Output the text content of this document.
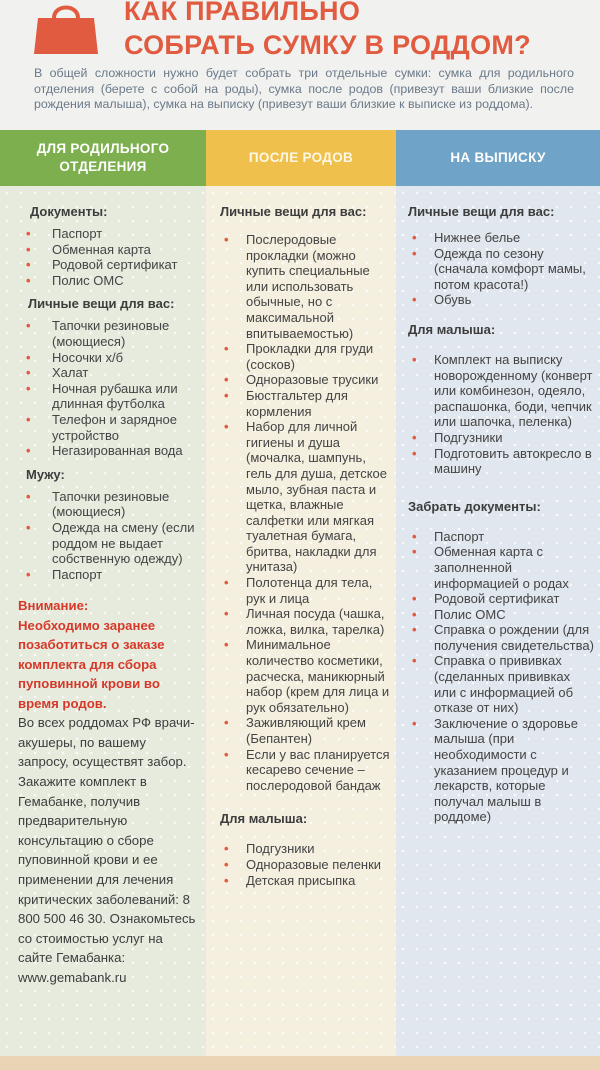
КАК ПРАВИЛЬНО
СОБРАТЬ СУМКУ В РОДДОМ?
В общей сложности нужно будет собрать три отдельные сумки: сумка для родильного отделения (берете с собой на роды), сумка после родов (привезут ваши близкие после рождения малыша), сумка на выписку (привезут ваши близкие к выписке из роддома).
ДЛЯ РОДИЛЬНОГО ОТДЕЛЕНИЯ
ПОСЛЕ РОДОВ	НА ВЫПИСКУ
Документы:
• Паспорт
• Обменная карта
• Родовой сертификат
• Полис ОМС
Личные вещи для вас:
• Тапочки резиновые (моющиеся)
• Носочки х/б
• Халат
• Ночная рубашка или длинная футболка
• Телефон и зарядное устройство
• Негазированная вода
Мужу:
• Тапочки резиновые (моющиеся)
• Одежда на смену (если роддом не выдает собственную одежду)
• Паспорт
Внимание:
Необходимо заранее позаботиться о заказе комплекта для сбора пуповинной крови во время родов.
Во всех роддомах РФ врачи-акушеры, по вашему запросу, осуществят забор. Закажите комплект в Гемабанке, получив предварительную консультацию о сборе пуповинной крови и ее применении для лечения критических заболеваний: 8 800 500 46 30. Ознакомьтесь со стоимостью услуг на сайте Гемабанка: www.gemabank.ru
Личные вещи для вас:
• Послеродовые прокладки (можно купить специальные или использовать обычные, но с максимальной впитываемостью)
• Прокладки для груди (сосков)
• Одноразовые трусики
• Бюстгальтер для кормления
• Набор для личной гигиены и душа (мочалка, шампунь, гель для душа, детское мыло, зубная паста и щетка, влажные салфетки или мягкая туалетная бумага, бритва, накладки для унитаза)
• Полотенца для тела, рук и лица
• Личная посуда (чашка, ложка, вилка, тарелка)
• Минимальное количество косметики, расческа, маникюрный набор (крем для лица и рук обязательно)
• Заживляющий крем (Бепантен)
• Если у вас планируется кесарево сечение – послеродовой бандаж
Для малыша:
• Подгузники
• Одноразовые пеленки
• Детская присыпка
Личные вещи для вас:
• Нижнее белье
• Одежда по сезону (сначала комфорт мамы, потом красота!)
• Обувь
Для малыша:
• Комплект на выписку новорожденному (конверт или комбинезон, одеяло, распашонка, боди, чепчик или шапочка, пеленка)
• Подгузники
• Подготовить автокресло в машину
Забрать документы:
• Паспорт
• Обменная карта с заполненной информацией о родах
• Родовой сертификат
• Полис ОМС
• Справка о рождении (для получения свидетельства)
• Справка о прививках (сделанных прививках или с информацией об отказе от них)
• Заключение о здоровье малыша (при необходимости с указанием процедур и лекарств, которые получал малыш в роддоме)
